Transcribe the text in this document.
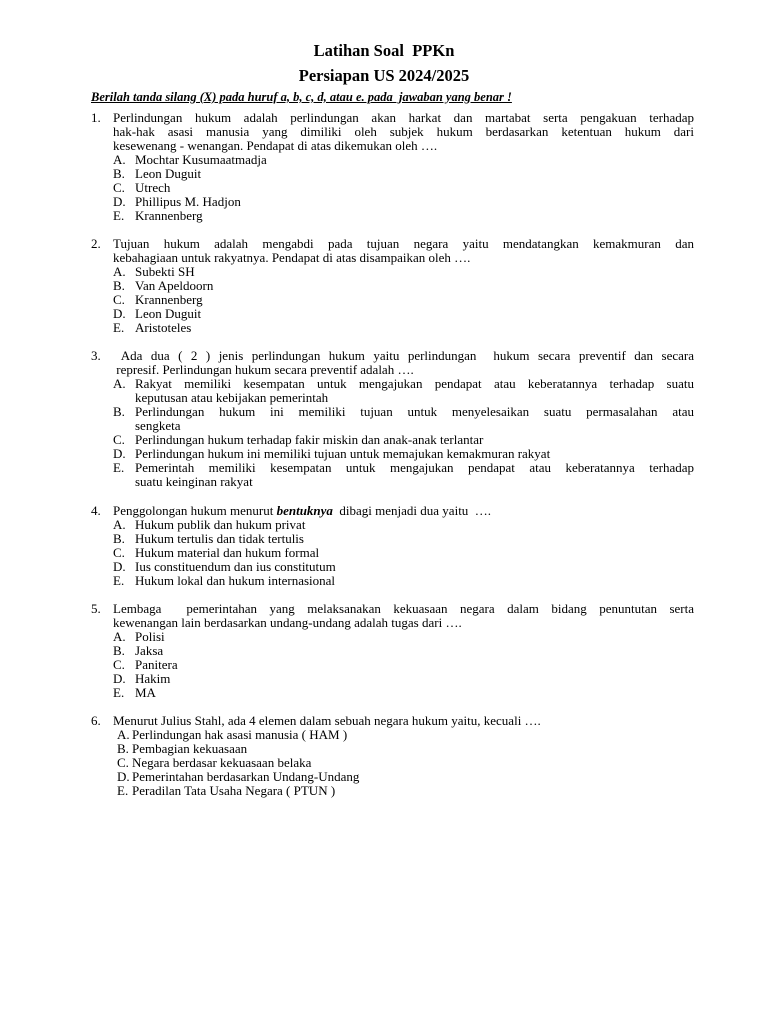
Latihan Soal  PPKn
Persiapan US 2024/2025
Berilah tanda silang (X) pada huruf a, b, c, d, atau e. pada  jawaban yang benar !
1. Perlindungan hukum adalah perlindungan akan harkat dan martabat serta pengakuan terhadap
hak-hak asasi manusia yang dimiliki oleh subjek hukum berdasarkan ketentuan hukum dari
kesewenang - wenangan. Pendapat di atas dikemukan oleh ….
A. Mochtar Kusumaatmadja
B. Leon Duguit
C. Utrech
D. Phillipus M. Hadjon
E. Krannenberg
2. Tujuan hukum adalah mengabdi pada tujuan negara yaitu mendatangkan kemakmuran dan
kebahagiaan untuk rakyatnya. Pendapat di atas disampaikan oleh ….
A. Subekti SH
B. Van Apeldoorn
C. Krannenberg
D. Leon Duguit
E. Aristoteles
3. Ada dua ( 2 ) jenis perlindungan hukum yaitu perlindungan  hukum secara preventif dan secara
represif. Perlindungan hukum secara preventif adalah ….
A. Rakyat memiliki kesempatan untuk mengajukan pendapat atau keberatannya terhadap suatu
keputusan atau kebijakan pemerintah
B. Perlindungan hukum ini memiliki tujuan untuk menyelesaikan suatu permasalahan atau
sengketa
C. Perlindungan hukum terhadap fakir miskin dan anak-anak terlantar
D. Perlindungan hukum ini memiliki tujuan untuk memajukan kemakmuran rakyat
E. Pemerintah memiliki kesempatan untuk mengajukan pendapat atau keberatannya terhadap
suatu keinginan rakyat
4. Penggolongan hukum menurut bentuknya  dibagi menjadi dua yaitu  ….
A. Hukum publik dan hukum privat
B. Hukum tertulis dan tidak tertulis
C. Hukum material dan hukum formal
D. Ius constituendum dan ius constitutum
E. Hukum lokal dan hukum internasional
5. Lembaga  pemerintahan yang melaksanakan kekuasaan negara dalam bidang penuntutan serta
kewenangan lain berdasarkan undang-undang adalah tugas dari ….
A. Polisi
B. Jaksa
C. Panitera
D. Hakim
E. MA
6. Menurut Julius Stahl, ada 4 elemen dalam sebuah negara hukum yaitu, kecuali ….
A. Perlindungan hak asasi manusia ( HAM )
B. Pembagian kekuasaan
C. Negara berdasar kekuasaan belaka
D. Pemerintahan berdasarkan Undang-Undang
E. Peradilan Tata Usaha Negara ( PTUN )
